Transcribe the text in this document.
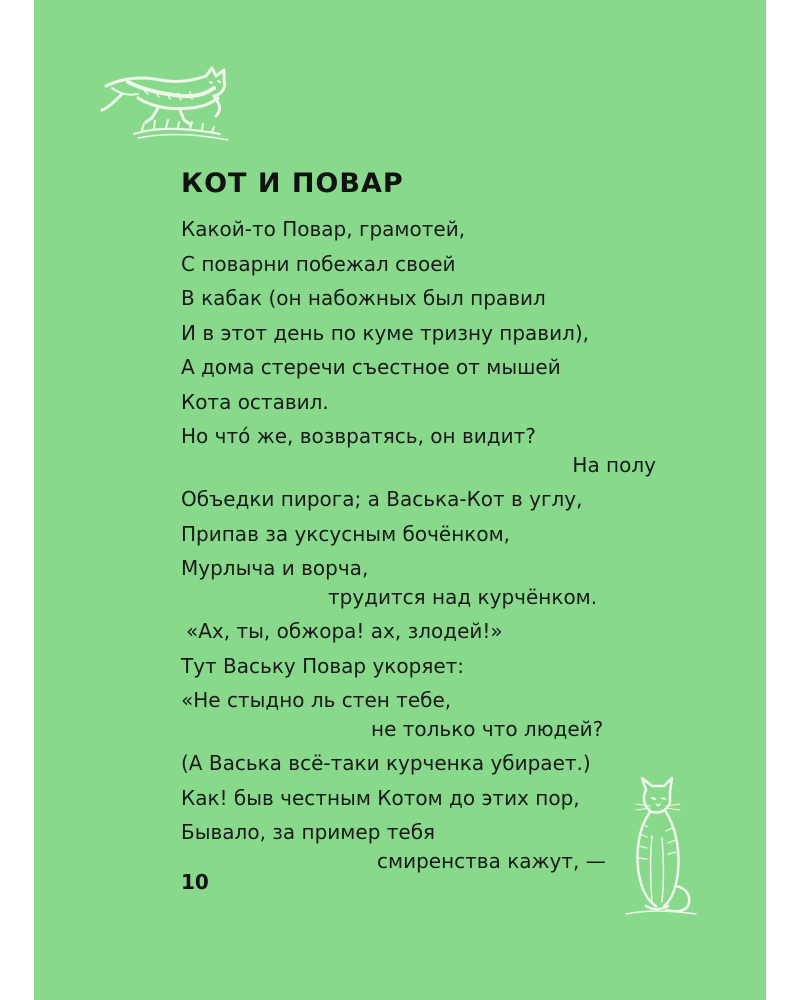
КОТ И ПОВАР
Какой-то Повар, грамотей,
С поварни побежал своей
В кабак (он набожных был правил
И в этот день по куме тризну правил),
А дома стеречи съестное от мышей
Кота оставил.
Но что́ же, возвратясь, он видит?
На полу
Объедки пирога; а Васька-Кот в углу,
Припав за уксусным бочёнком,
Мурлыча и ворча,
трудится над курчёнком.
«Ах, ты, обжора! ах, злодей!»
Тут Ваську Повар укоряет:
«Не стыдно ль стен тебе,
не только что людей?
(А Васька всё-таки курченка убирает.)
Как! быв честным Котом до этих пор,
Бывало, за пример тебя
смиренства кажут, —
10
